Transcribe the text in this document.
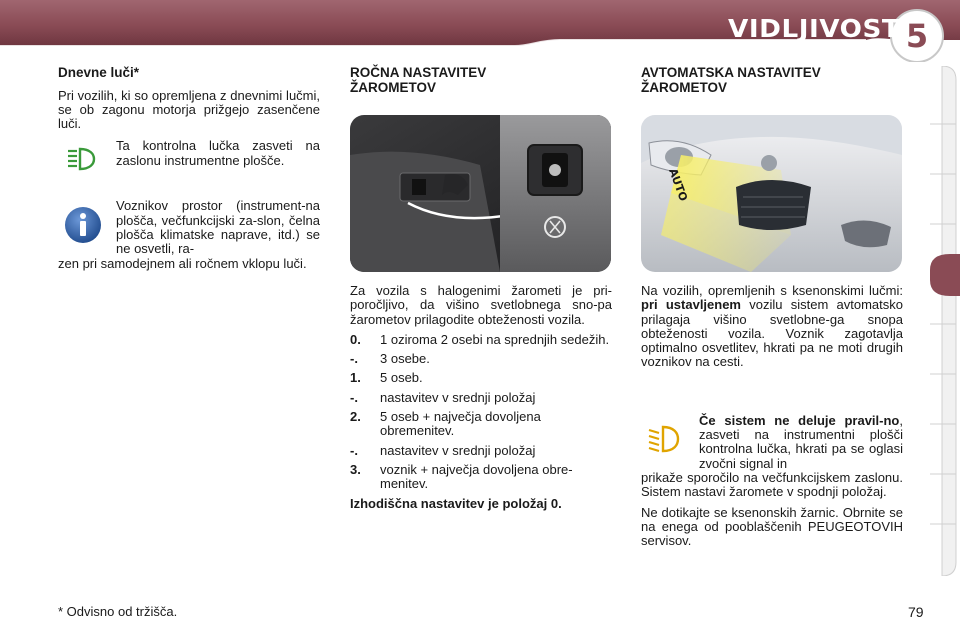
VIDLJIVOST 5
Dnevne luči*

Pri vozilih, ki so opremljena z dnevnimi lučmi, se ob zagonu motorja prižgejo zasenčene luči.

Ta kontrolna lučka zasveti na zaslonu instrumentne plošče.
Voznikov prostor (instrument-na plošča, večfunkcijski za-slon, čelna plošča klimatske naprave, itd.) se ne osvetli, ra-

zen pri samodejnem ali ročnem vklopu luči.

ROČNA NASTAVITEV
ŽAROMETOV

Za vozila s halogenimi žarometi je pri-poročljivo, da višino svetlobnega sno-pa žarometov prilagodite obteženosti vozila.

0.	1 oziroma 2 osebi na sprednjih sedežih.
-.	3 osebe.
1.	5 oseb.
-.	nastavitev v srednji položaj
2.	5 oseb + največja dovoljena obremenitev.
-.	nastavitev v srednji položaj
3.	voznik + največja dovoljena obre-menitev.

Izhodiščna nastavitev je položaj 0.

AVTOMATSKA NASTAVITEV
ŽAROMETOV
AUTO

Na vozilih, opremljenih s ksenonskimi lučmi: pri ustavljenem vozilu sistem avtomatsko prilagaja višino svetlobne-ga snopa obteženosti vozila. Voznik zagotavlja optimalno osvetlitev, hkrati pa ne moti drugih voznikov na cesti.

Če sistem ne deluje pravil-no, zasveti na instrumentni plošči kontrolna lučka, hkrati pa se oglasi zvočni signal in

prikaže sporočilo na večfunkcijskem zaslonu. Sistem nastavi žaromete v spodnji položaj.

Ne dotikajte se ksenonskih žarnic. Obrnite se na enega od pooblaščenih PEUGEOTOVIH servisov.

* Odvisno od tržišča.	79
